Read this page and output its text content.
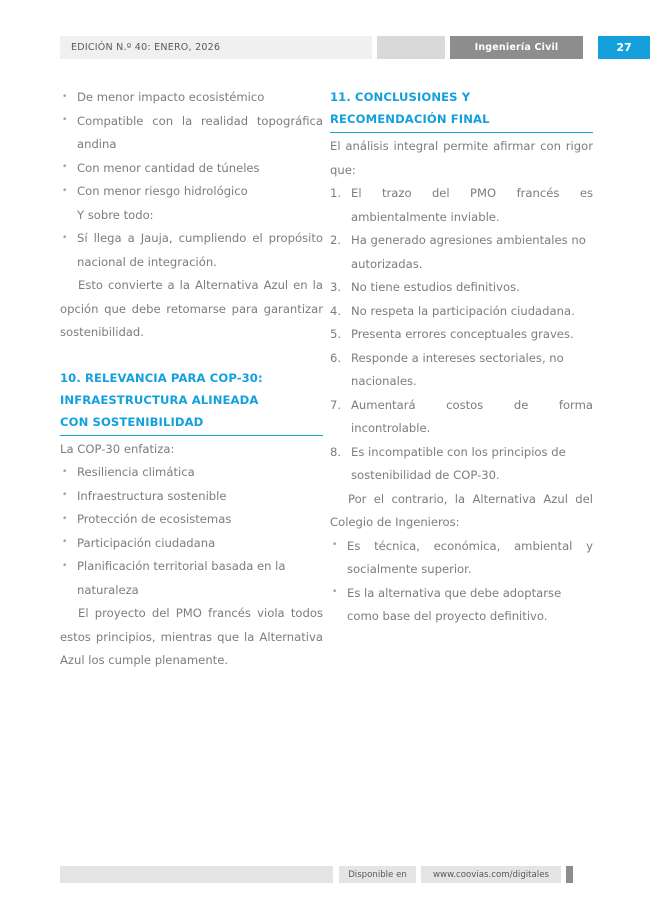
EDICIÓN N.º 40: ENERO, 2026	Ingeniería Civil	27
• De menor impacto ecosistémico
• Compatible con la realidad topográfica andina
• Con menor cantidad de túneles
• Con menor riesgo hidrológico
Y sobre todo:
• Sí llega a Jauja, cumpliendo el propósito nacional de integración.

Esto convierte a la Alternativa Azul en la opción que debe retomarse para garantizar sostenibilidad.

10. RELEVANCIA PARA COP-30:
INFRAESTRUCTURA ALINEADA
CON SOSTENIBILIDAD

La COP-30 enfatiza:

• Resiliencia climática
• Infraestructura sostenible
• Protección de ecosistemas
• Participación ciudadana
• Planificación territorial basada en la naturaleza

El proyecto del PMO francés viola todos estos principios, mientras que la Alternativa Azul los cumple plenamente.

11. CONCLUSIONES Y
RECOMENDACIÓN FINAL

El análisis integral permite afirmar con rigor que:

El trazo del PMO francés es ambientalmente inviable.
Ha generado agresiones ambientales no autorizadas.
No tiene estudios definitivos.
No respeta la participación ciudadana.
Presenta errores conceptuales graves.
Responde a intereses sectoriales, no nacionales.
Aumentará costos de forma incontrolable.
Es incompatible con los principios de sostenibilidad de COP-30.

Por el contrario, la Alternativa Azul del Colegio de Ingenieros:

• Es técnica, económica, ambiental y socialmente superior.
• Es la alternativa que debe adoptarse como base del proyecto definitivo.
Disponible en	www.coovias.com/digitales
